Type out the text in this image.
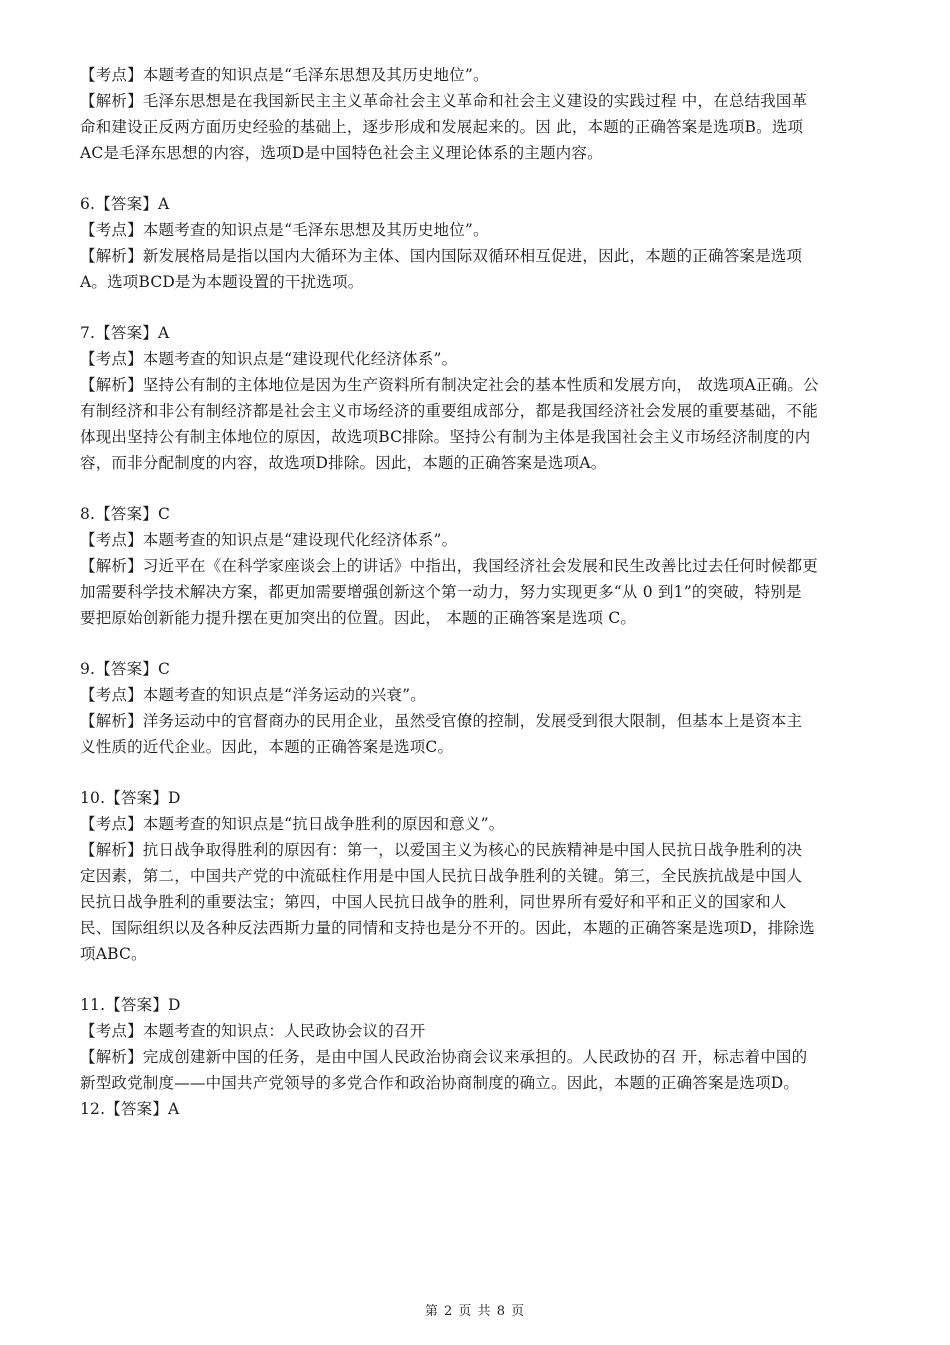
【考点】本题考查的知识点是“毛泽东思想及其历史地位”。
【解析】毛泽东思想是在我国新民主主义革命社会主义革命和社会主义建设的实践过程 中，在总结我国革
命和建设正反两方面历史经验的基础上，逐步形成和发展起来的。因 此，本题的正确答案是选项B。选项
AC是毛泽东思想的内容，选项D是中国特色社会主义理论体系的主题内容。
6.【答案】A
【考点】本题考查的知识点是“毛泽东思想及其历史地位”。
【解析】新发展格局是指以国内大循环为主体、国内国际双循环相互促进，因此，本题的正确答案是选项
A。选项BCD是为本题设置的干扰选项。
7.【答案】A
【考点】本题考查的知识点是“建设现代化经济体系”。
【解析】坚持公有制的主体地位是因为生产资料所有制决定社会的基本性质和发展方向， 故选项A正确。公
有制经济和非公有制经济都是社会主义市场经济的重要组成部分，都是我国经济社会发展的重要基础，不能
体现出坚持公有制主体地位的原因，故选项BC排除。坚持公有制为主体是我国社会主义市场经济制度的内
容，而非分配制度的内容，故选项D排除。因此，本题的正确答案是选项A。
8.【答案】C
【考点】本题考查的知识点是“建设现代化经济体系”。
【解析】习近平在《在科学家座谈会上的讲话》中指出，我国经济社会发展和民生改善比过去任何时候都更
加需要科学技术解决方案，都更加需要增强创新这个第一动力，努力实现更多“从 0 到1”的突破，特别是
要把原始创新能力提升摆在更加突出的位置。因此， 本题的正确答案是选项 C。
9.【答案】C
【考点】本题考查的知识点是“洋务运动的兴衰”。
【解析】洋务运动中的官督商办的民用企业，虽然受官僚的控制，发展受到很大限制，但基本上是资本主
义性质的近代企业。因此，本题的正确答案是选项C。
10.【答案】D
【考点】本题考查的知识点是“抗日战争胜利的原因和意义”。
【解析】抗日战争取得胜利的原因有：第一，以爱国主义为核心的民族精神是中国人民抗日战争胜利的决
定因素，第二，中国共产党的中流砥柱作用是中国人民抗日战争胜利的关键。第三，全民族抗战是中国人
民抗日战争胜利的重要法宝；第四，中国人民抗日战争的胜利，同世界所有爱好和平和正义的国家和人
民、国际组织以及各种反法西斯力量的同情和支持也是分不开的。因此，本题的正确答案是选项D，排除选
项ABC。
11.【答案】D
【考点】本题考查的知识点：人民政协会议的召开
【解析】完成创建新中国的任务，是由中国人民政治协商会议来承担的。人民政协的召 开，标志着中国的
新型政党制度——中国共产党领导的多党合作和政治协商制度的确立。因此，本题的正确答案是选项D。
12.【答案】A
第 2 页 共 8 页
